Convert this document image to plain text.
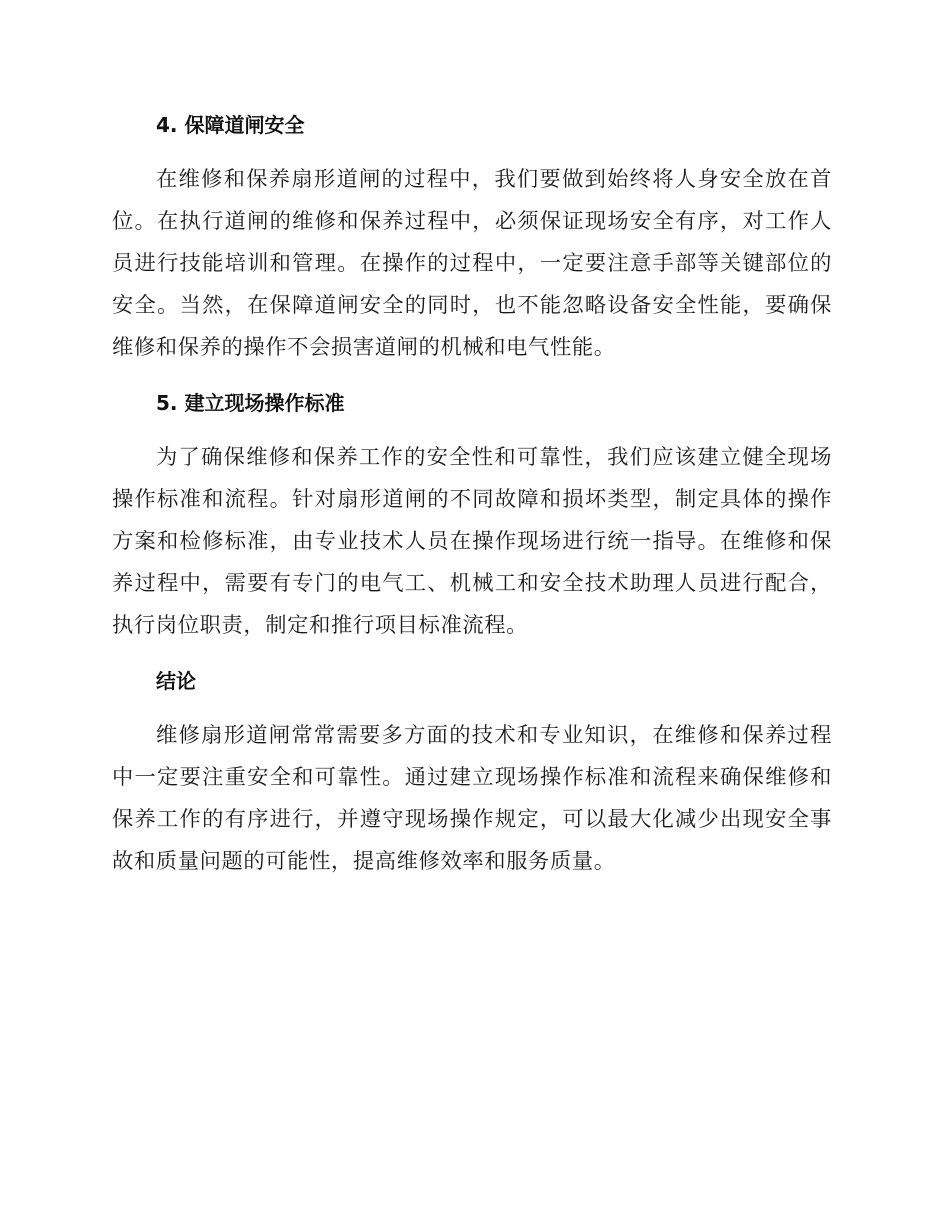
4. 保障道闸安全

在维修和保养扇形道闸的过程中，我们要做到始终将人身安全放在首位。在执行道闸的维修和保养过程中，必须保证现场安全有序，对工作人员进行技能培训和管理。在操作的过程中，一定要注意手部等关键部位的安全。当然，在保障道闸安全的同时，也不能忽略设备安全性能，要确保维修和保养的操作不会损害道闸的机械和电气性能。

5. 建立现场操作标准

为了确保维修和保养工作的安全性和可靠性，我们应该建立健全现场操作标准和流程。针对扇形道闸的不同故障和损坏类型，制定具体的操作方案和检修标准，由专业技术人员在操作现场进行统一指导。在维修和保养过程中，需要有专门的电气工、机械工和安全技术助理人员进行配合，执行岗位职责，制定和推行项目标准流程。

结论

维修扇形道闸常常需要多方面的技术和专业知识，在维修和保养过程中一定要注重安全和可靠性。通过建立现场操作标准和流程来确保维修和保养工作的有序进行，并遵守现场操作规定，可以最大化减少出现安全事故和质量问题的可能性，提高维修效率和服务质量。
